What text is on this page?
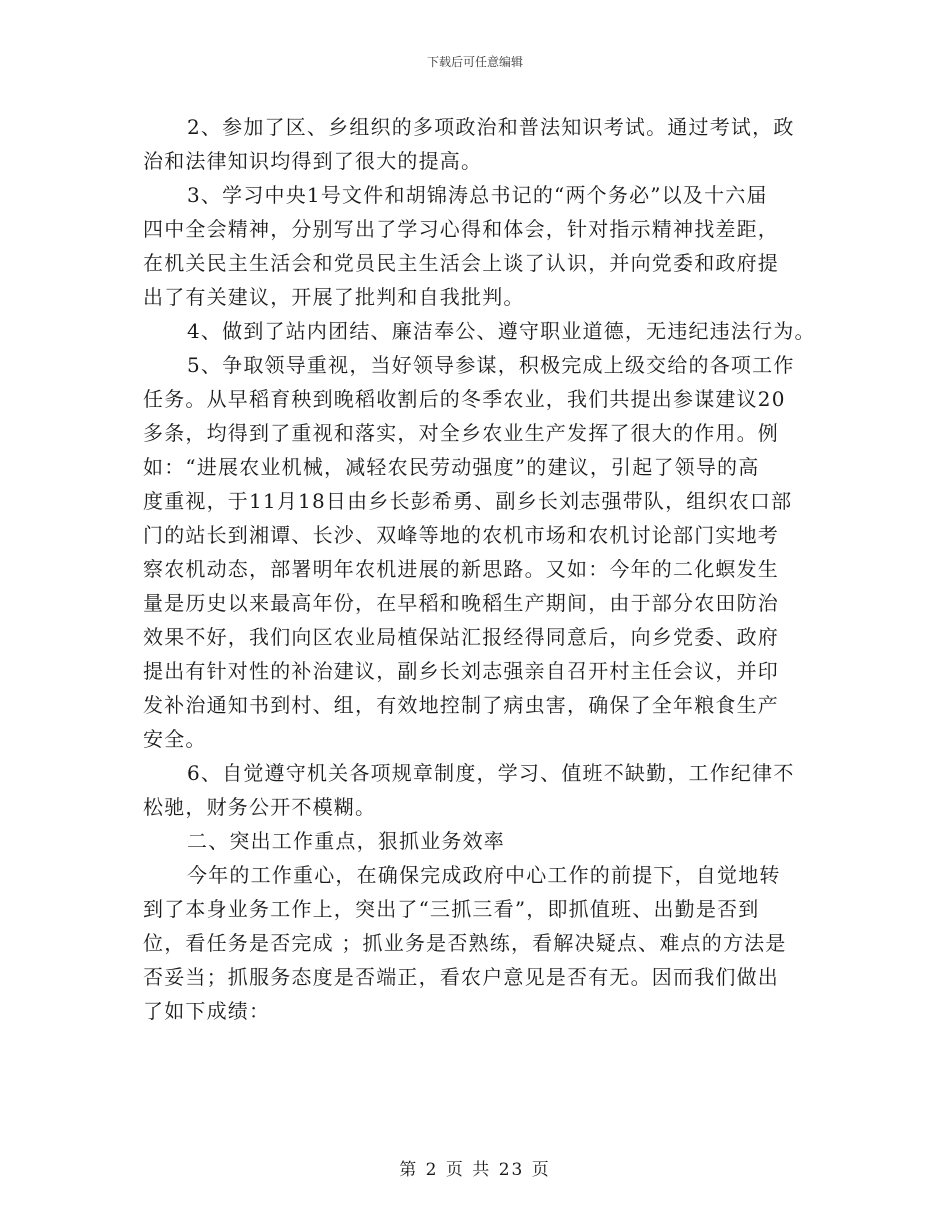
下载后可任意编辑
2、参加了区、乡组织的多项政治和普法知识考试。通过考试，政
治和法律知识均得到了很大的提高。
3、学习中央1号文件和胡锦涛总书记的“两个务必”以及十六届
四中全会精神，分别写出了学习心得和体会，针对指示精神找差距，
在机关民主生活会和党员民主生活会上谈了认识，并向党委和政府提
出了有关建议，开展了批判和自我批判。
4、做到了站内团结、廉洁奉公、遵守职业道德，无违纪违法行为。
5、争取领导重视，当好领导参谋，积极完成上级交给的各项工作
任务。从早稻育秧到晚稻收割后的冬季农业，我们共提出参谋建议20
多条，均得到了重视和落实，对全乡农业生产发挥了很大的作用。例
如：“进展农业机械，减轻农民劳动强度”的建议，引起了领导的高
度重视，于11月18日由乡长彭希勇、副乡长刘志强带队，组织农口部
门的站长到湘谭、长沙、双峰等地的农机市场和农机讨论部门实地考
察农机动态，部署明年农机进展的新思路。又如：今年的二化螟发生
量是历史以来最高年份，在早稻和晚稻生产期间，由于部分农田防治
效果不好，我们向区农业局植保站汇报经得同意后，向乡党委、政府
提出有针对性的补治建议，副乡长刘志强亲自召开村主任会议，并印
发补治通知书到村、组，有效地控制了病虫害，确保了全年粮食生产
安全。
6、自觉遵守机关各项规章制度，学习、值班不缺勤，工作纪律不
松驰，财务公开不模糊。
二、突出工作重点，狠抓业务效率
今年的工作重心，在确保完成政府中心工作的前提下，自觉地转
到了本身业务工作上，突出了“三抓三看”，即抓值班、出勤是否到
位，看任务是否完成 ；抓业务是否熟练，看解决疑点、难点的方法是
否妥当；抓服务态度是否端正，看农户意见是否有无。因而我们做出
了如下成绩：
第 2 页 共 23 页
